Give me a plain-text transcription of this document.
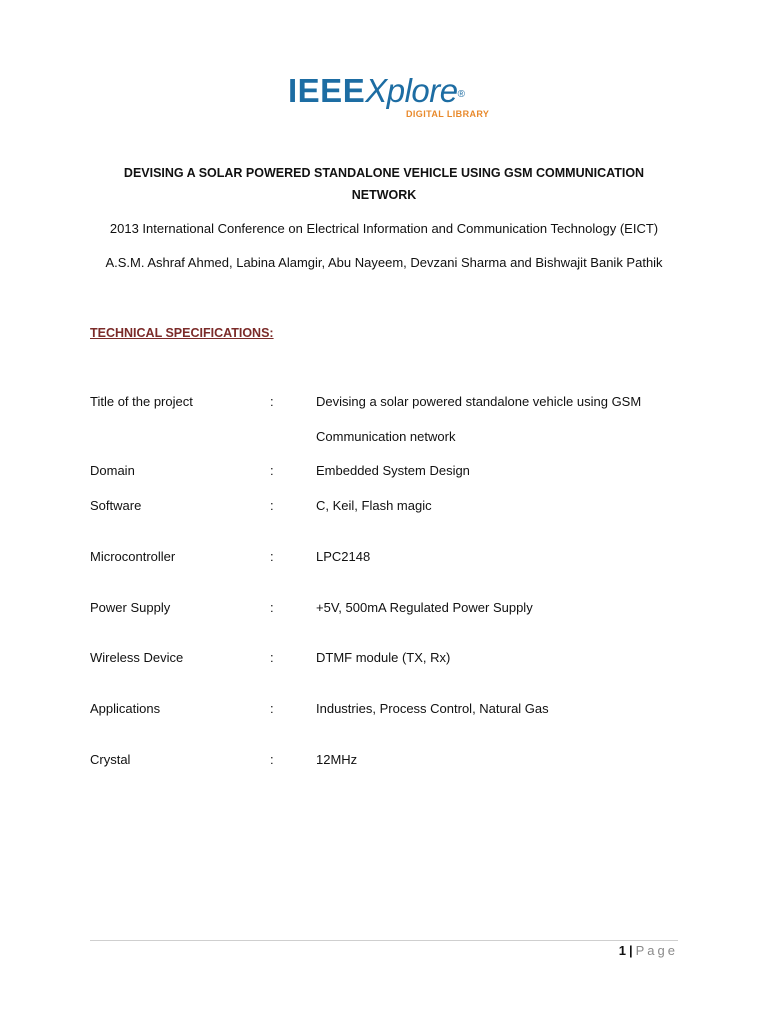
IEEEXplore®
DIGITAL LIBRARY
DEVISING A SOLAR POWERED STANDALONE VEHICLE USING GSM COMMUNICATION NETWORK
2013 International Conference on Electrical Information and Communication Technology (EICT)
A.S.M. Ashraf Ahmed, Labina Alamgir, Abu Nayeem, Devzani Sharma and Bishwajit Banik Pathik
TECHNICAL SPECIFICATIONS:
Title of the project	:	Devising a solar powered standalone vehicle using GSM
Communication network
Domain	:	Embedded System Design
Software	:	C, Keil, Flash magic
Microcontroller	:	LPC2148
Power Supply	:	+5V, 500mA Regulated Power Supply
Wireless Device	:	DTMF module (TX, Rx)
Applications	:	Industries, Process Control, Natural Gas
Crystal	:	12MHz
1 | Page
